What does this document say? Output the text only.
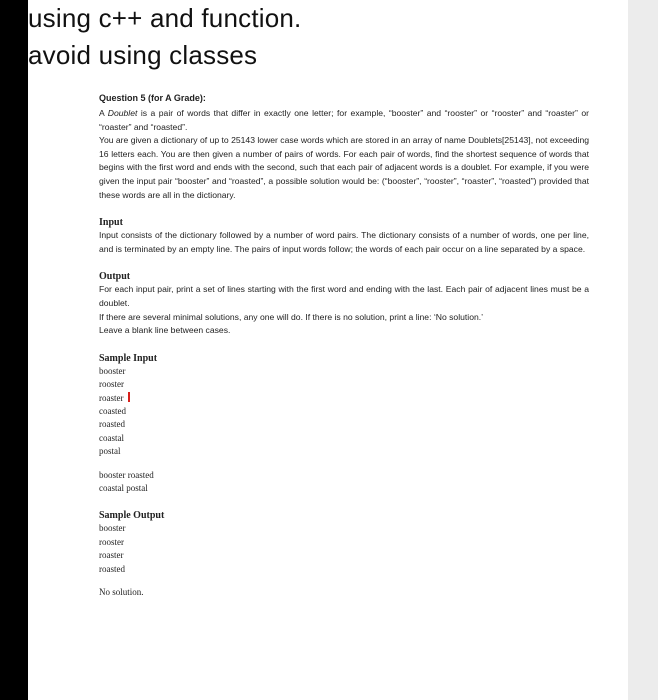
using c++ and function.

avoid using classes

Question 5 (for A Grade):

A Doublet is a pair of words that differ in exactly one letter; for example, “booster” and “rooster” or “rooster” and “roaster” or “roaster” and “roasted”.

You are given a dictionary of up to 25143 lower case words which are stored in an array of name Doublets[25143], not exceeding 16 letters each. You are then given a number of pairs of words. For each pair of words, find the shortest sequence of words that begins with the first word and ends with the second, such that each pair of adjacent words is a doublet. For example, if you were given the input pair “booster” and “roasted”, a possible solution would be: (“booster”, “rooster”, “roaster”, “roasted”) provided that these words are all in the dictionary.

Input

Input consists of the dictionary followed by a number of word pairs. The dictionary consists of a number of words, one per line, and is terminated by an empty line. The pairs of input words follow; the words of each pair occur on a line separated by a space.

Output

For each input pair, print a set of lines starting with the first word and ending with the last. Each pair of adjacent lines must be a doublet.

If there are several minimal solutions, any one will do. If there is no solution, print a line: ‘No solution.’

Leave a blank line between cases.

Sample Input

booster

rooster

roaster

coasted

roasted

coastal

postal

booster roasted

coastal postal

Sample Output

booster

rooster

roaster

roasted

No solution.
